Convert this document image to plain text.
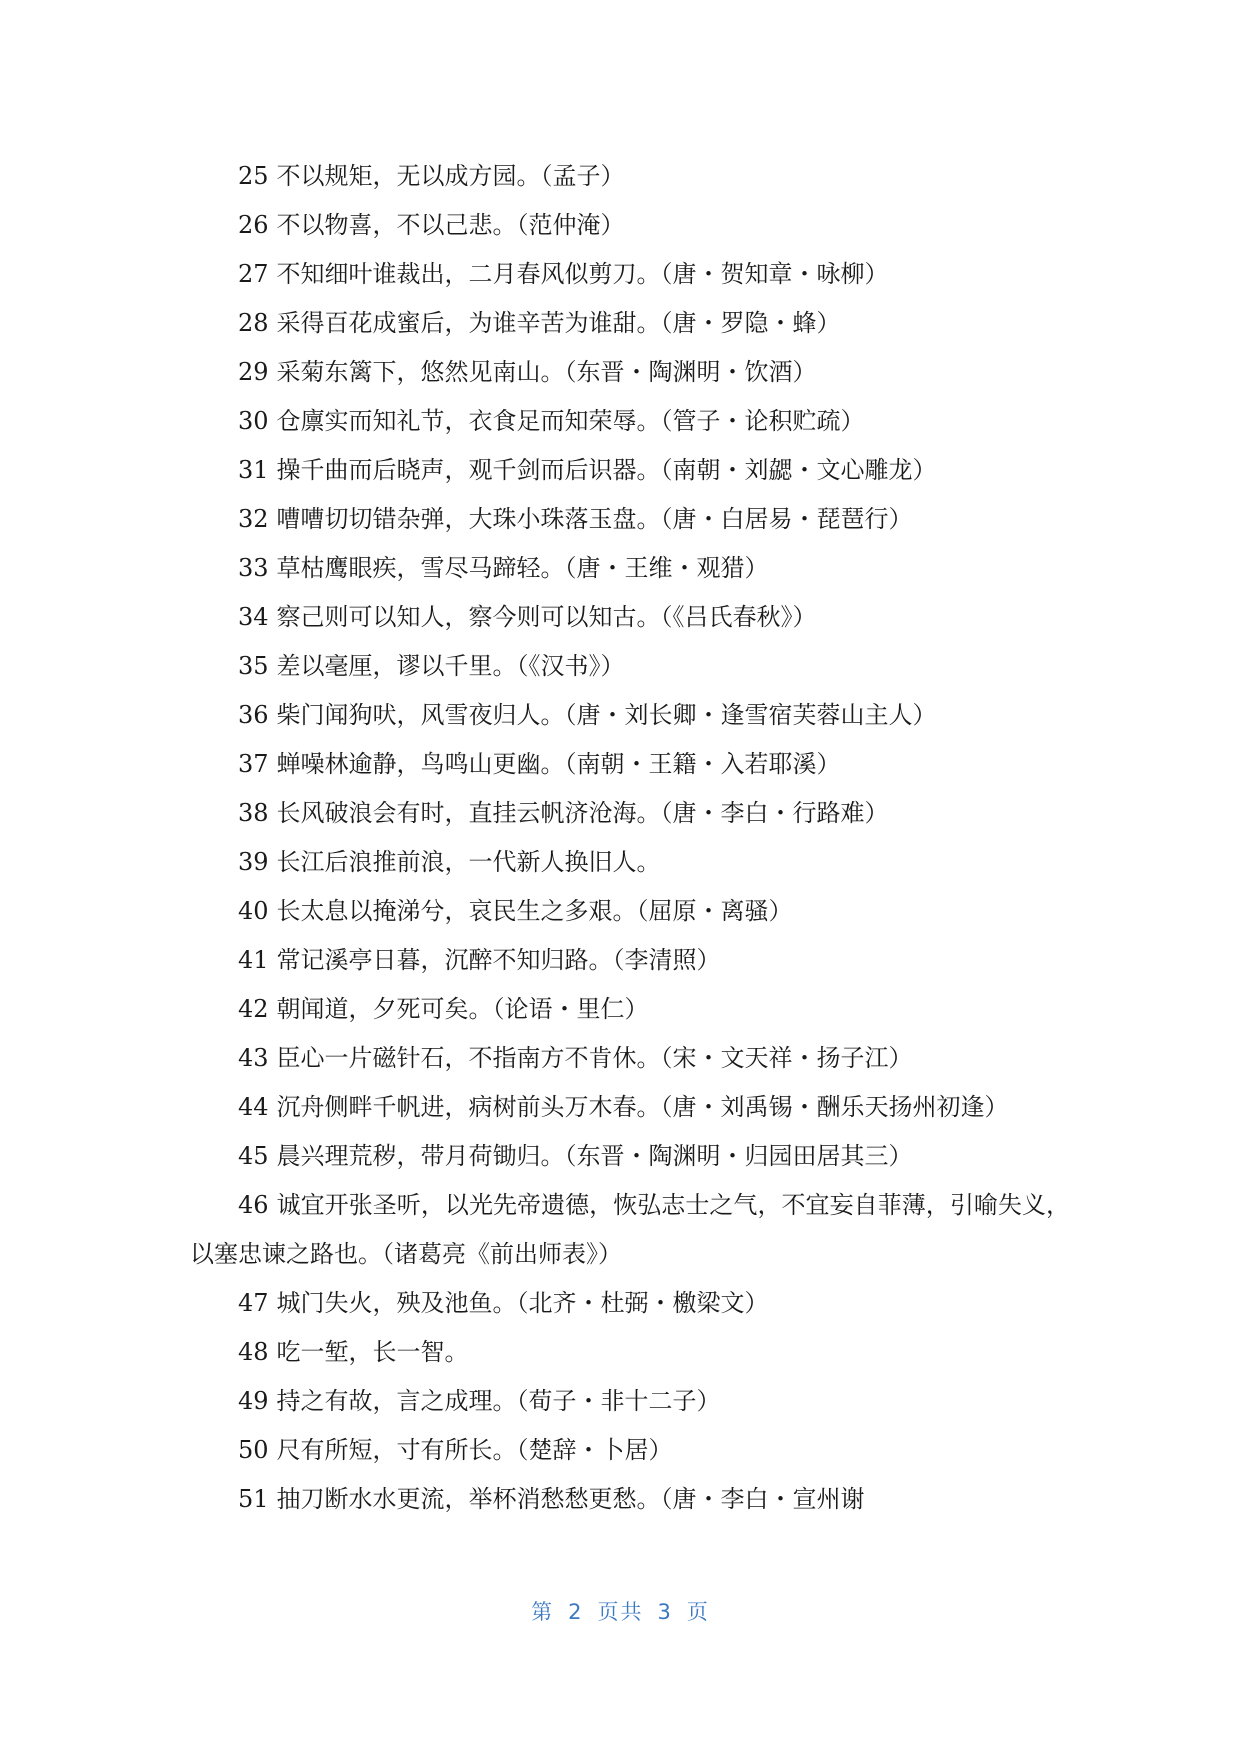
25 不以规矩，无以成方园。（孟子）
26 不以物喜，不以己悲。（范仲淹）
27 不知细叶谁裁出，二月春风似剪刀。（唐・贺知章・咏柳）
28 采得百花成蜜后，为谁辛苦为谁甜。（唐・罗隐・蜂）
29 采菊东篱下，悠然见南山。（东晋・陶渊明・饮酒）
30 仓廪实而知礼节，衣食足而知荣辱。（管子・论积贮疏）
31 操千曲而后晓声，观千剑而后识器。（南朝・刘勰・文心雕龙）
32 嘈嘈切切错杂弹，大珠小珠落玉盘。（唐・白居易・琵琶行）
33 草枯鹰眼疾，雪尽马蹄轻。（唐・王维・观猎）
34 察己则可以知人，察今则可以知古。（《吕氏春秋》）
35 差以毫厘，谬以千里。（《汉书》）
36 柴门闻狗吠，风雪夜归人。（唐・刘长卿・逢雪宿芙蓉山主人）
37 蝉噪林逾静，鸟鸣山更幽。（南朝・王籍・入若耶溪）
38 长风破浪会有时，直挂云帆济沧海。（唐・李白・行路难）
39 长江后浪推前浪，一代新人换旧人。
40 长太息以掩涕兮，哀民生之多艰。（屈原・离骚）
41 常记溪亭日暮，沉醉不知归路。（李清照）
42 朝闻道，夕死可矣。（论语・里仁）
43 臣心一片磁针石，不指南方不肯休。（宋・文天祥・扬子江）
44 沉舟侧畔千帆进，病树前头万木春。（唐・刘禹锡・酬乐天扬州初逢）
45 晨兴理荒秽，带月荷锄归。（东晋・陶渊明・归园田居其三）
46 诚宜开张圣听，以光先帝遗德，恢弘志士之气，不宜妄自菲薄，引喻失义，以塞忠谏之路也。（诸葛亮《前出师表》）
47 城门失火，殃及池鱼。（北齐・杜弼・檄梁文）
48 吃一堑，长一智。
49 持之有故，言之成理。（荀子・非十二子）
50 尺有所短，寸有所长。（楚辞・卜居）
51 抽刀断水水更流，举杯消愁愁更愁。（唐・李白・宣州谢
第 2 页共 3 页
